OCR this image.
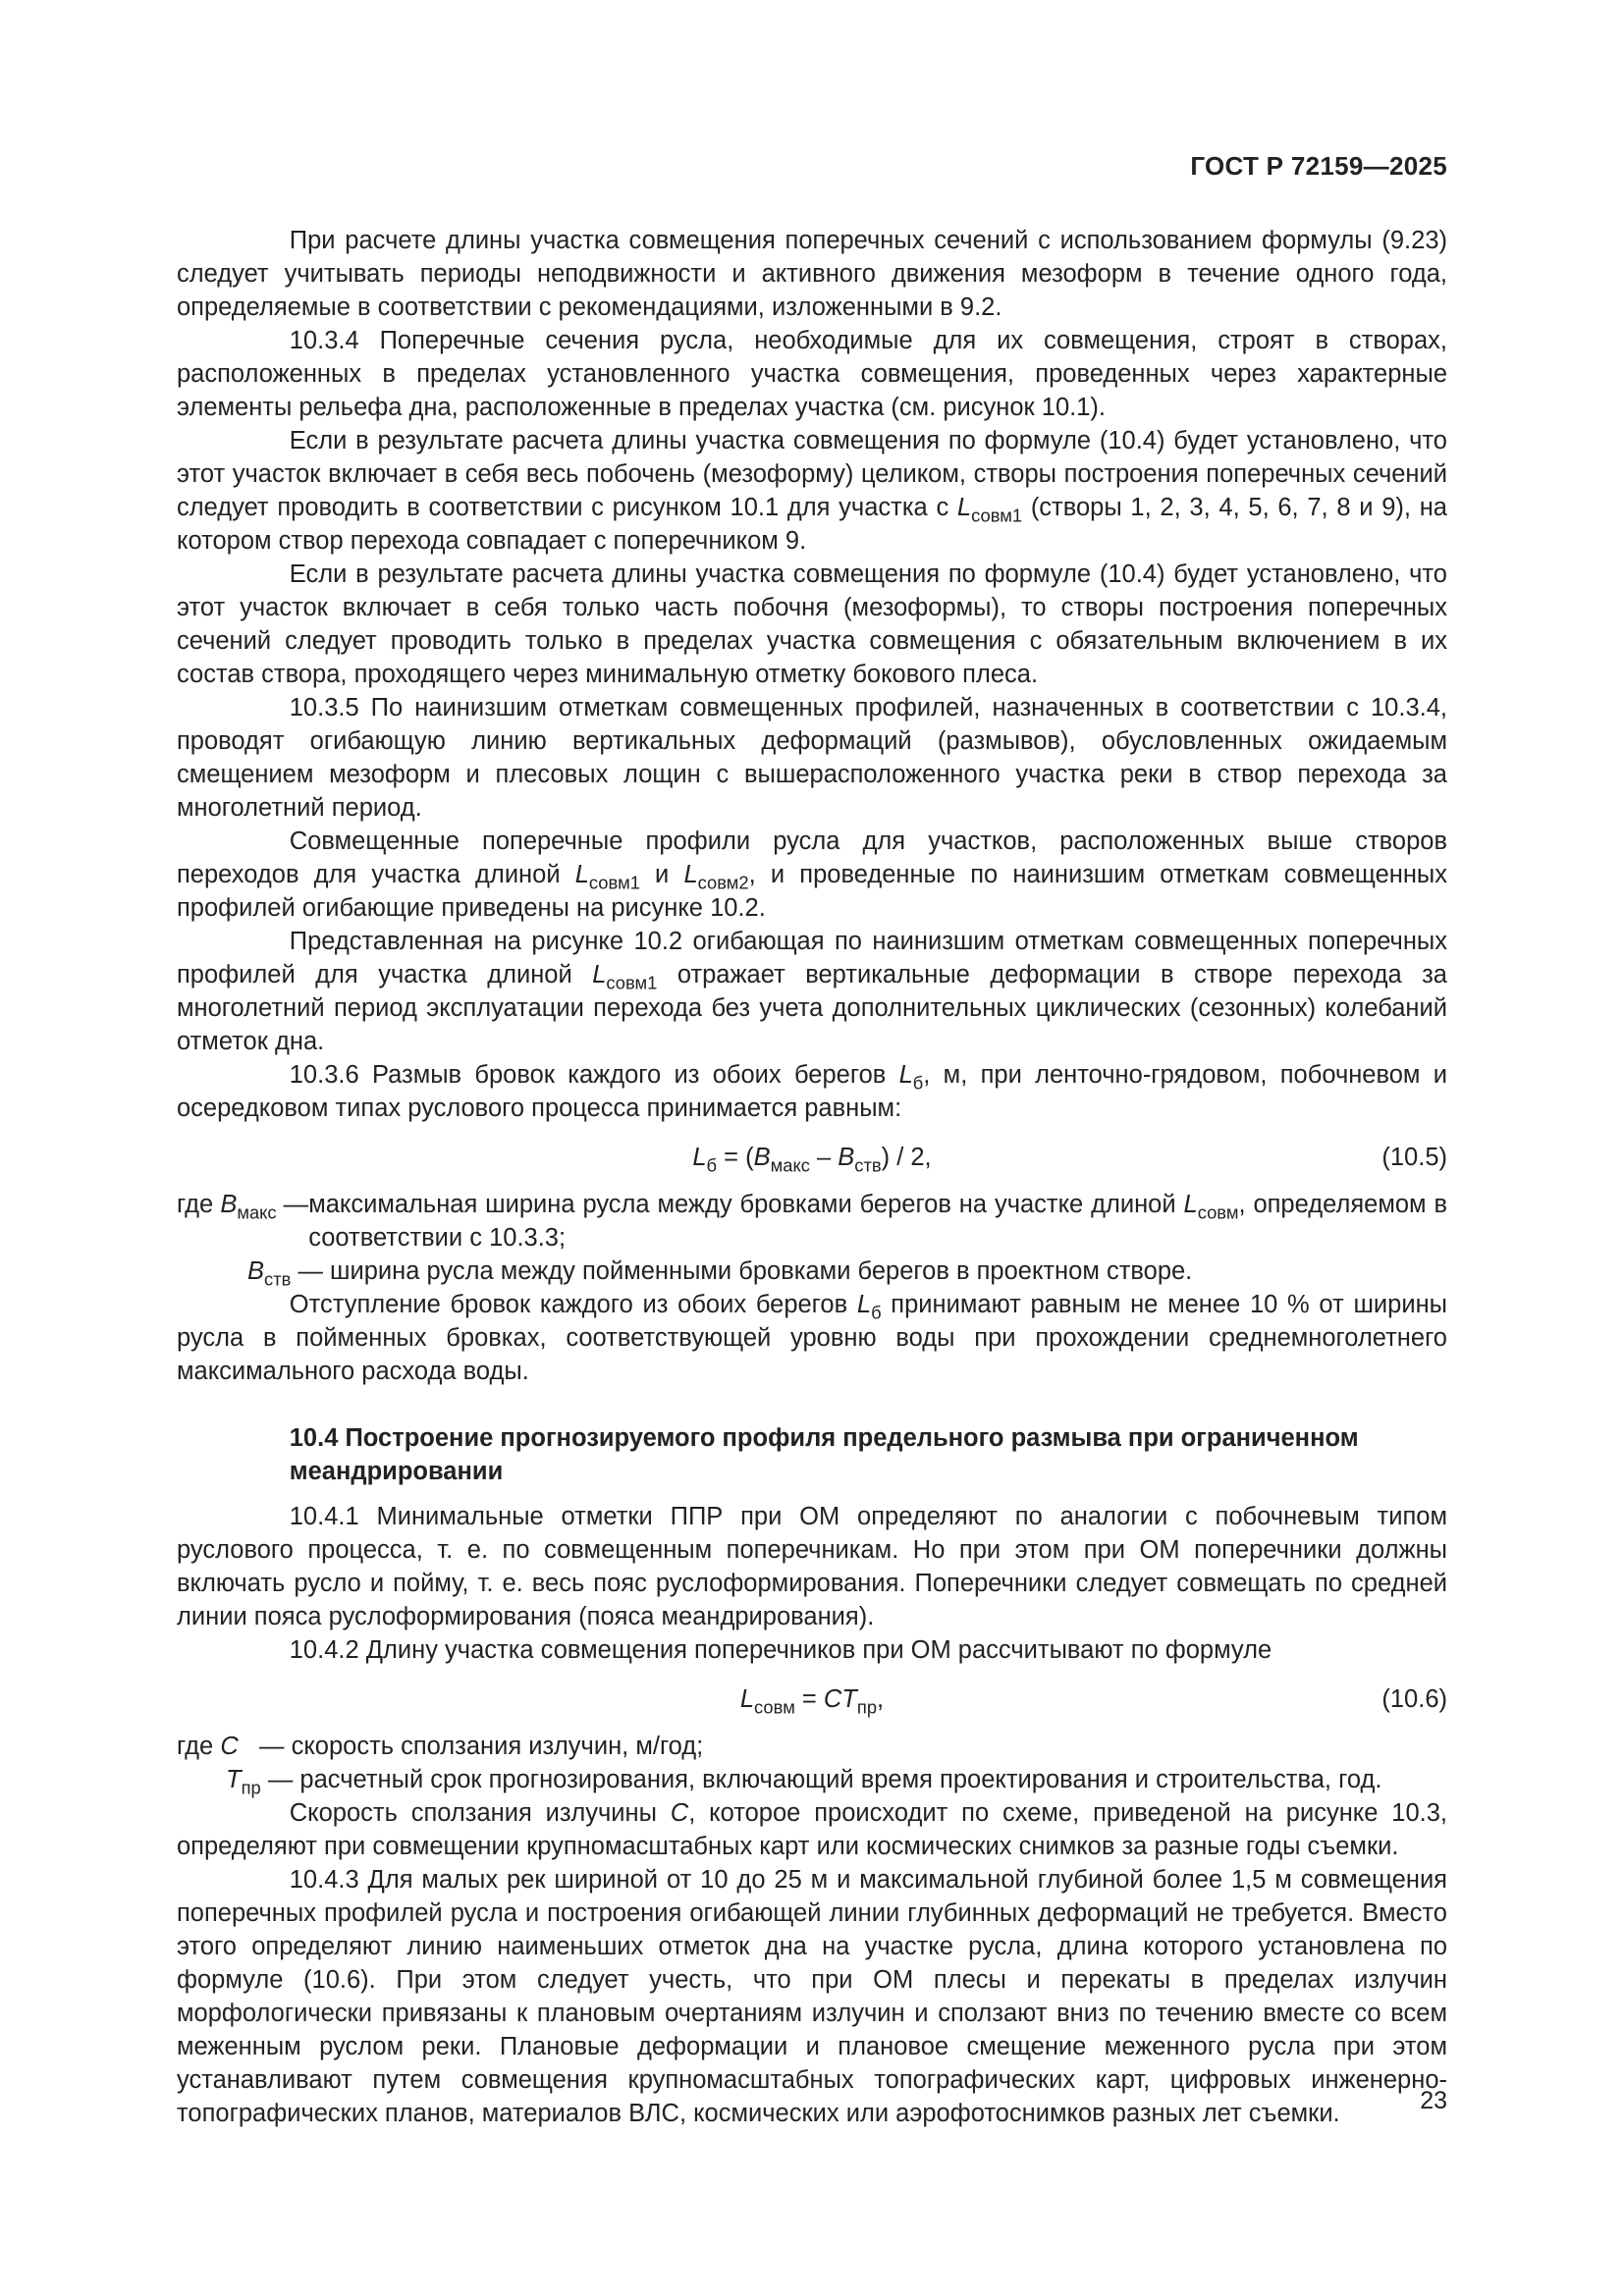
ГОСТ Р 72159—2025

При расчете длины участка совмещения поперечных сечений с использованием формулы (9.23) следует учитывать периоды неподвижности и активного движения мезоформ в течение одного года, определяемые в соответствии с рекомендациями, изложенными в 9.2.

10.3.4 Поперечные сечения русла, необходимые для их совмещения, строят в створах, расположенных в пределах установленного участка совмещения, проведенных через характерные элементы рельефа дна, расположенные в пределах участка (см. рисунок 10.1).

Если в результате расчета длины участка совмещения по формуле (10.4) будет установлено, что этот участок включает в себя весь побочень (мезоформу) целиком, створы построения поперечных сечений следует проводить в соответствии с рисунком 10.1 для участка с $L_{совм1}$ (створы 1, 2, 3, 4, 5, 6, 7, 8 и 9), на котором створ перехода совпадает с поперечником 9.

Если в результате расчета длины участка совмещения по формуле (10.4) будет установлено, что этот участок включает в себя только часть побочня (мезоформы), то створы построения поперечных сечений следует проводить только в пределах участка совмещения с обязательным включением в их состав створа, проходящего через минимальную отметку бокового плеса.

10.3.5 По наинизшим отметкам совмещенных профилей, назначенных в соответствии с 10.3.4, проводят огибающую линию вертикальных деформаций (размывов), обусловленных ожидаемым смещением мезоформ и плесовых лощин с вышерасположенного участка реки в створ перехода за многолетний период.

Совмещенные поперечные профили русла для участков, расположенных выше створов переходов для участка длиной $L_{совм1}$ и $L_{совм2}$, и проведенные по наинизшим отметкам совмещенных профилей огибающие приведены на рисунке 10.2.

Представленная на рисунке 10.2 огибающая по наинизшим отметкам совмещенных поперечных профилей для участка длиной $L_{совм1}$ отражает вертикальные деформации в створе перехода за многолетний период эксплуатации перехода без учета дополнительных циклических (сезонных) колебаний отметок дна.

10.3.6 Размыв бровок каждого из обоих берегов $L_б$, м, при ленточно-грядовом, побочневом и осередковом типах руслового процесса принимается равным:

$L_б = (B_{макс} - B_{ств}) / 2$,	(10.5)
где $B_{макс}$ — максимальная ширина русла между бровками берегов на участке длиной $L_{совм}$, определяемом в соответствии с 10.3.3;

$B_{ств}$ — ширина русла между пойменными бровками берегов в проектном створе.

Отступление бровок каждого из обоих берегов $L_б$ принимают равным не менее 10 % от ширины русла в пойменных бровках, соответствующей уровню воды при прохождении среднемноголетнего максимального расхода воды.

10.4 Построение прогнозируемого профиля предельного размыва при ограниченном меандрировании

10.4.1 Минимальные отметки ППР при ОМ определяют по аналогии с побочневым типом руслового процесса, т. е. по совмещенным поперечникам. Но при этом при ОМ поперечники должны включать русло и пойму, т. е. весь пояс руслоформирования. Поперечники следует совмещать по средней линии пояса руслоформирования (пояса меандрирования).

10.4.2 Длину участка совмещения поперечников при ОМ рассчитывают по формуле

$L_{совм} = CT_{пр}$,	(10.6)

где C   — скорость сползания излучин, м/год;

$T_{пр}$ — расчетный срок прогнозирования, включающий время проектирования и строительства, год.

Скорость сползания излучины C, которое происходит по схеме, приведеной на рисунке 10.3, определяют при совмещении крупномасштабных карт или космических снимков за разные годы съемки.

10.4.3 Для малых рек шириной от 10 до 25 м и максимальной глубиной более 1,5 м совмещения поперечных профилей русла и построения огибающей линии глубинных деформаций не требуется. Вместо этого определяют линию наименьших отметок дна на участке русла, длина которого установлена по формуле (10.6). При этом следует учесть, что при ОМ плесы и перекаты в пределах излучин морфологически привязаны к плановым очертаниям излучин и сползают вниз по течению вместе со всем меженным руслом реки. Плановые деформации и плановое смещение меженного русла при этом устанавливают путем совмещения крупномасштабных топографических карт, цифровых инженерно-топографических планов, материалов ВЛС, космических или аэрофотоснимков разных лет съемки.	23
